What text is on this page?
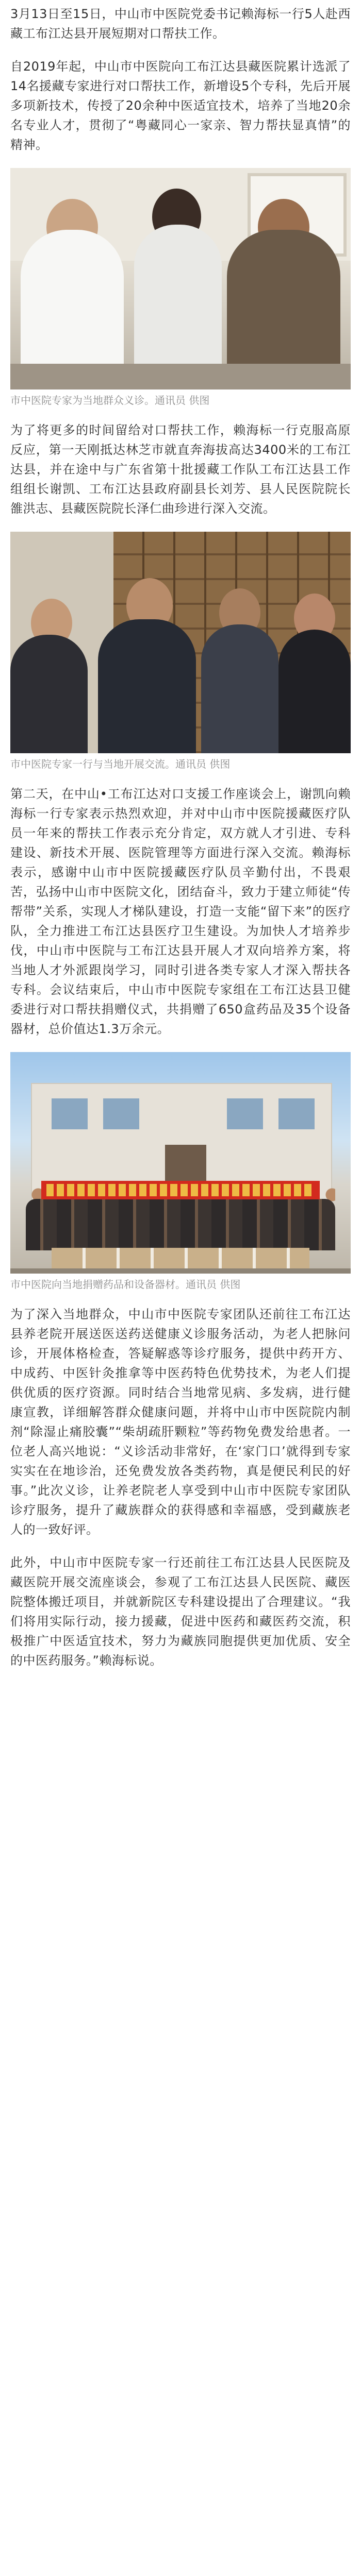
3月13日至15日，中山市中医院党委书记赖海标一行5人赴西藏工布江达县开展短期对口帮扶工作。

自2019年起，中山市中医院向工布江达县藏医院累计选派了14名援藏专家进行对口帮扶工作，新增设5个专科，先后开展多项新技术，传授了20余种中医适宜技术，培养了当地20余名专业人才，贯彻了“粤藏同心一家亲、智力帮扶显真情”的精神。

市中医院专家为当地群众义诊。通讯员 供图

为了将更多的时间留给对口帮扶工作，赖海标一行克服高原反应，第一天刚抵达林芝市就直奔海拔高达3400米的工布江达县，并在途中与广东省第十批援藏工作队工布江达县工作组组长谢凯、工布江达县政府副县长刘芳、县人民医院院长雒洪志、县藏医院院长泽仁曲珍进行深入交流。

市中医院专家一行与当地开展交流。通讯员 供图

第二天，在中山•工布江达对口支援工作座谈会上，谢凯向赖海标一行专家表示热烈欢迎，并对中山市中医院援藏医疗队员一年来的帮扶工作表示充分肯定，双方就人才引进、专科建设、新技术开展、医院管理等方面进行深入交流。赖海标表示，感谢中山市中医院援藏医疗队员辛勤付出，不畏艰苦，弘扬中山市中医院文化，团结奋斗，致力于建立师徒“传帮带”关系，实现人才梯队建设，打造一支能“留下来”的医疗队，全力推进工布江达县医疗卫生建设。为加快人才培养步伐，中山市中医院与工布江达县开展人才双向培养方案，将当地人才外派跟岗学习，同时引进各类专家人才深入帮扶各专科。会议结束后，中山市中医院专家组在工布江达县卫健委进行对口帮扶捐赠仪式，共捐赠了650盒药品及35个设备器材，总价值达1.3万余元。

市中医院向当地捐赠药品和设备器材。通讯员 供图

为了深入当地群众，中山市中医院专家团队还前往工布江达县养老院开展送医送药送健康义诊服务活动，为老人把脉问诊，开展体格检查，答疑解惑等诊疗服务，提供中药开方、中成药、中医针灸推拿等中医药特色优势技术，为老人们提供优质的医疗资源。同时结合当地常见病、多发病，进行健康宣教，详细解答群众健康问题，并将中山市中医院院内制剂“除湿止痛胶囊”“柴胡疏肝颗粒”等药物免费发给患者。一位老人高兴地说：“义诊活动非常好，在‘家门口’就得到专家实实在在地诊治，还免费发放各类药物，真是便民利民的好事。”此次义诊，让养老院老人享受到中山市中医院专家团队诊疗服务，提升了藏族群众的获得感和幸福感，受到藏族老人的一致好评。

此外，中山市中医院专家一行还前往工布江达县人民医院及藏医院开展交流座谈会，参观了工布江达县人民医院、藏医院整体搬迁项目，并就新院区专科建设提出了合理建议。“我们将用实际行动，接力援藏，促进中医药和藏医药交流，积极推广中医适宜技术，努力为藏族同胞提供更加优质、安全的中医药服务。”赖海标说。
